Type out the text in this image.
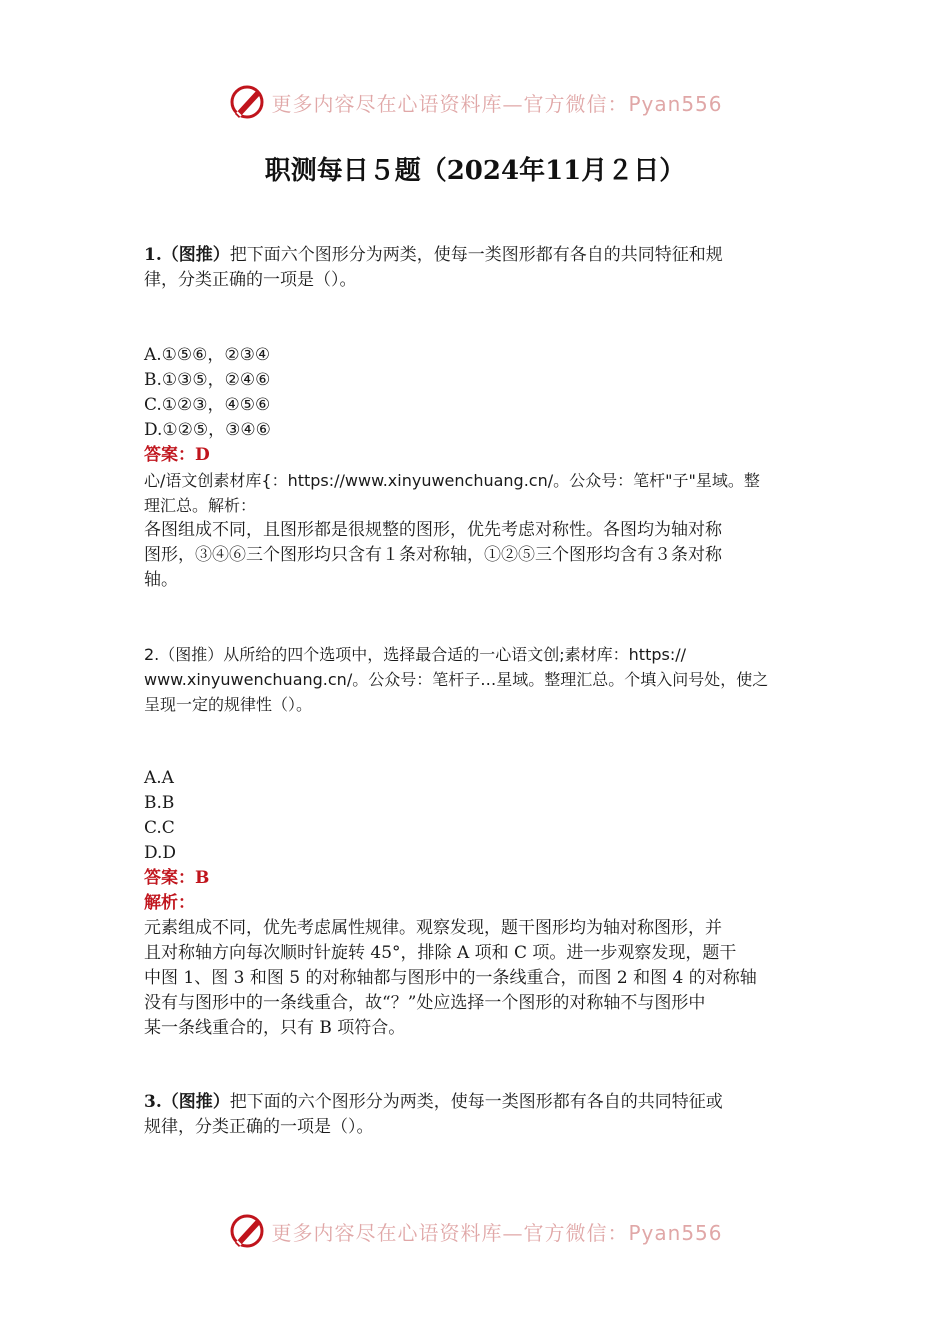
更多内容尽在心语资料库—官方微信：Pyan556
职测每日５题（2024年11月２日）
1.（图推）把下面六个图形分为两类，使每一类图形都有各自的共同特征和规
律，分类正确的一项是（）。
A.①⑤⑥，②③④
B.①③⑤，②④⑥
C.①②③，④⑤⑥
D.①②⑤，③④⑥
答案：D
心/语文创素材库{：https://www.xinyuwenchuang.cn/。公众号：笔杆"子"星域。整
理汇总。解析：
各图组成不同，且图形都是很规整的图形，优先考虑对称性。各图均为轴对称
图形，③④⑥三个图形均只含有１条对称轴，①②⑤三个图形均含有３条对称
轴。
2.（图推）从所给的四个选项中，选择最合适的一心语文创;素材库：https://
www.xinyuwenchuang.cn/。公众号：笔杆子…星域。整理汇总。个填入问号处，使之
呈现一定的规律性（）。
A.A
B.B
C.C
D.D
答案：B
解析：
元素组成不同，优先考虑属性规律。观察发现，题干图形均为轴对称图形，并
且对称轴方向每次顺时针旋转 45°，排除 A 项和 C 项。进一步观察发现，题干
中图 1、图 3 和图 5 的对称轴都与图形中的一条线重合，而图 2 和图 4 的对称轴
没有与图形中的一条线重合，故“？”处应选择一个图形的对称轴不与图形中
某一条线重合的，只有 B 项符合。
3.（图推）把下面的六个图形分为两类，使每一类图形都有各自的共同特征或
规律，分类正确的一项是（）。
更多内容尽在心语资料库—官方微信：Pyan556
